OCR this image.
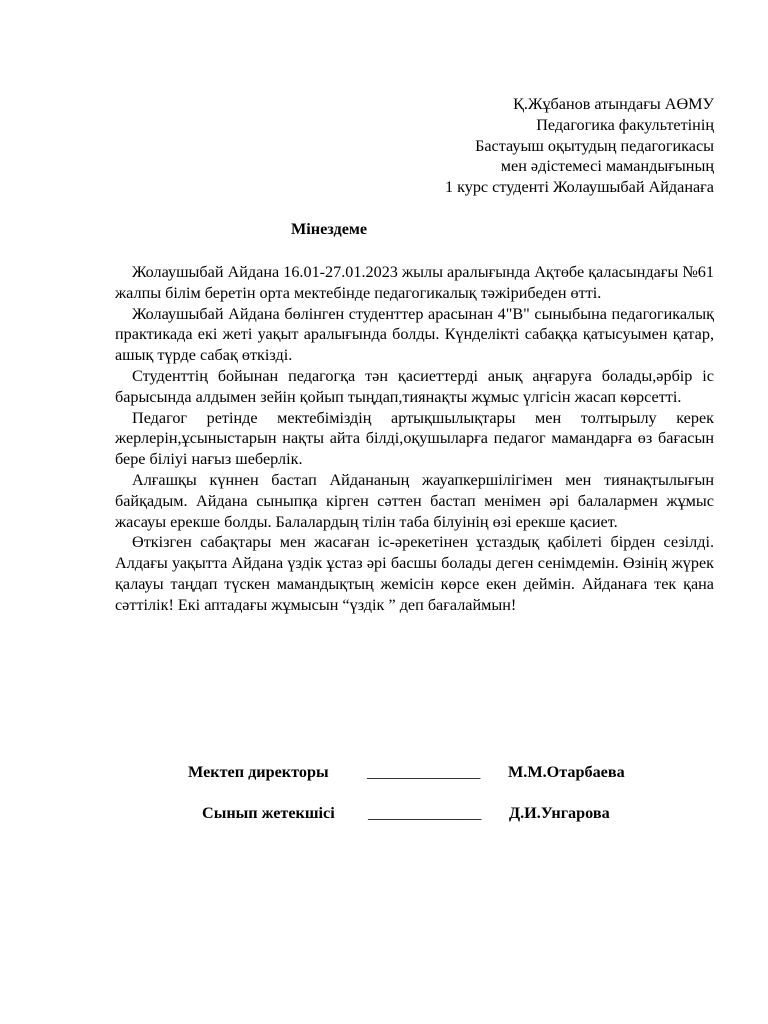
Қ.Жұбанов атындағы АӨМУ
Педагогика факультетінің
Бастауыш оқытудың педагогикасы
мен әдістемесі мамандығының
1 курс студенті Жолаушыбай Айданаға
Мінездеме

Жолаушыбай Айдана 16.01-27.01.2023 жылы аралығында Ақтөбе қаласындағы №61 жалпы білім беретін орта мектебінде педагогикалық тәжірибеден өтті.

Жолаушыбай Айдана бөлінген студенттер арасынан 4"В" сыныбына педагогикалық практикада екі жеті уақыт аралығында болды. Күнделікті сабаққа қатысуымен қатар, ашық түрде сабақ өткізді.

Студенттің бойынан педагогқа тән қасиеттерді анық аңғаруға болады,әрбір іс барысында алдымен зейін қойып тыңдап,тиянақты жұмыс үлгісін жасап көрсетті.

Педагог ретінде мектебіміздің артықшылықтары мен толтырылу керек жерлерін,ұсыныстарын нақты айта білді,оқушыларға педагог мамандарға өз бағасын бере біліуі нағыз шеберлік.

Алғашқы күннен бастап Айдананың жауапкершілігімен мен тиянақтылығын байқадым. Айдана сыныпқа кірген сәттен бастап менімен әрі балалармен жұмыс жасауы ерекше болды. Балалардың тілін таба білуінің өзі ерекше қасиет.

Өткізген сабақтары мен жасаған іс-әрекетінен ұстаздық қабілеті бірден сезілді. Алдағы уақытта Айдана үздік ұстаз әрі басшы болады деген сенімдемін. Өзінің жүрек қалауы таңдап түскен мамандықтың жемісін көрсе екен деймін. Айданаға тек қана сәттілік! Екі аптадағы жұмысын “үздік ” деп бағалаймын!

Мектеп директоры ______________ М.М.Отарбаева
Сынып жетекшісі ______________ Д.И.Унгарова
